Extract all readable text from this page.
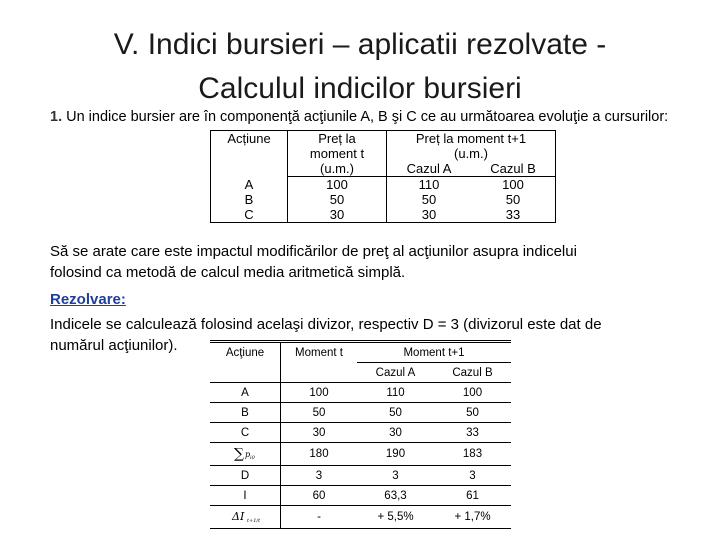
V. Indici bursieri – aplicatii rezolvate -
Calculul indicilor bursieri
1. Un indice bursier are în componenţă acţiunile A, B şi C ce au următoarea evoluţie a cursurilor:
Acțiune	Preț la	Preț la moment t+1	
	moment t	(u.m.)	
	(u.m.)	Cazul A	Cazul B
A	100	110	100
B	50	50	50
C	30	30	33
Să se arate care este impactul modificărilor de preţ al acţiunilor asupra indicelui
folosind ca metodă de calcul media aritmetică simplă.
Rezolvare:
Indicele se calculează folosind acelaşi divizor, respectiv D = 3 (divizorul este dat de
numărul acţiunilor).	Acţiune	Moment t	Moment t+1	
		Cazul A	Cazul B
A	100	110	100
B	50	50	50
C	30	30	33

∑ p i0	180	190	183
D	3	3	3
I	60	63,3	61

ΔI t+1/t	-	+ 5,5%	+ 1,7%
